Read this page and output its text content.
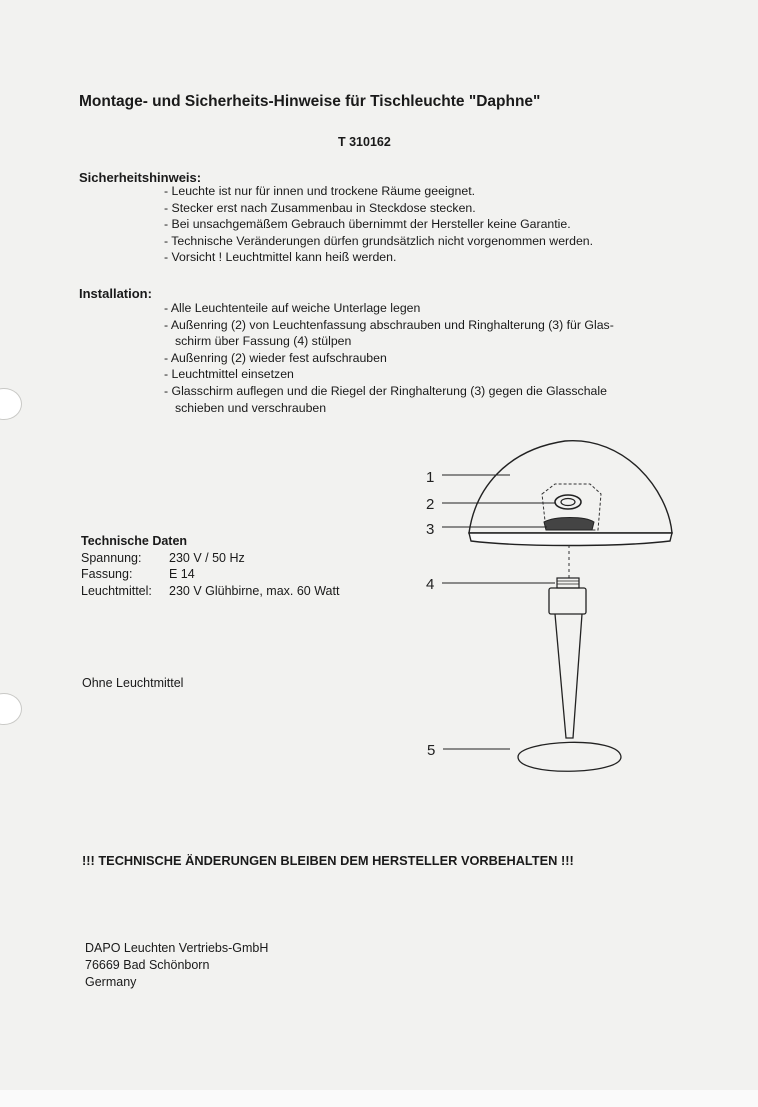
Montage- und Sicherheits-Hinweise für Tischleuchte "Daphne"
T 310162
Sicherheitshinweis:
- Leuchte ist nur für innen und trockene Räume geeignet.
- Stecker erst nach Zusammenbau in Steckdose stecken.
- Bei unsachgemäßem Gebrauch übernimmt der Hersteller keine Garantie.
- Technische Veränderungen dürfen grundsätzlich nicht vorgenommen werden.
- Vorsicht ! Leuchtmittel kann heiß werden.
Installation:
- Alle Leuchtenteile auf weiche Unterlage legen
- Außenring (2) von Leuchtenfassung abschrauben und Ringhalterung (3) für Glas-
schirm über Fassung (4) stülpen
- Außenring (2) wieder fest aufschrauben
- Leuchtmittel einsetzen
- Glasschirm auflegen und die Riegel der Ringhalterung (3) gegen die Glasschale
schieben und verschrauben
Technische Daten
Spannung:	230 V / 50 Hz
Fassung:	E 14
Leuchtmittel:	230 V Glühbirne, max. 60 Watt
Ohne Leuchtmittel
1
2
3
4
5
!!! TECHNISCHE ÄNDERUNGEN BLEIBEN DEM HERSTELLER VORBEHALTEN !!!
DAPO Leuchten Vertriebs-GmbH
76669 Bad Schönborn
Germany
